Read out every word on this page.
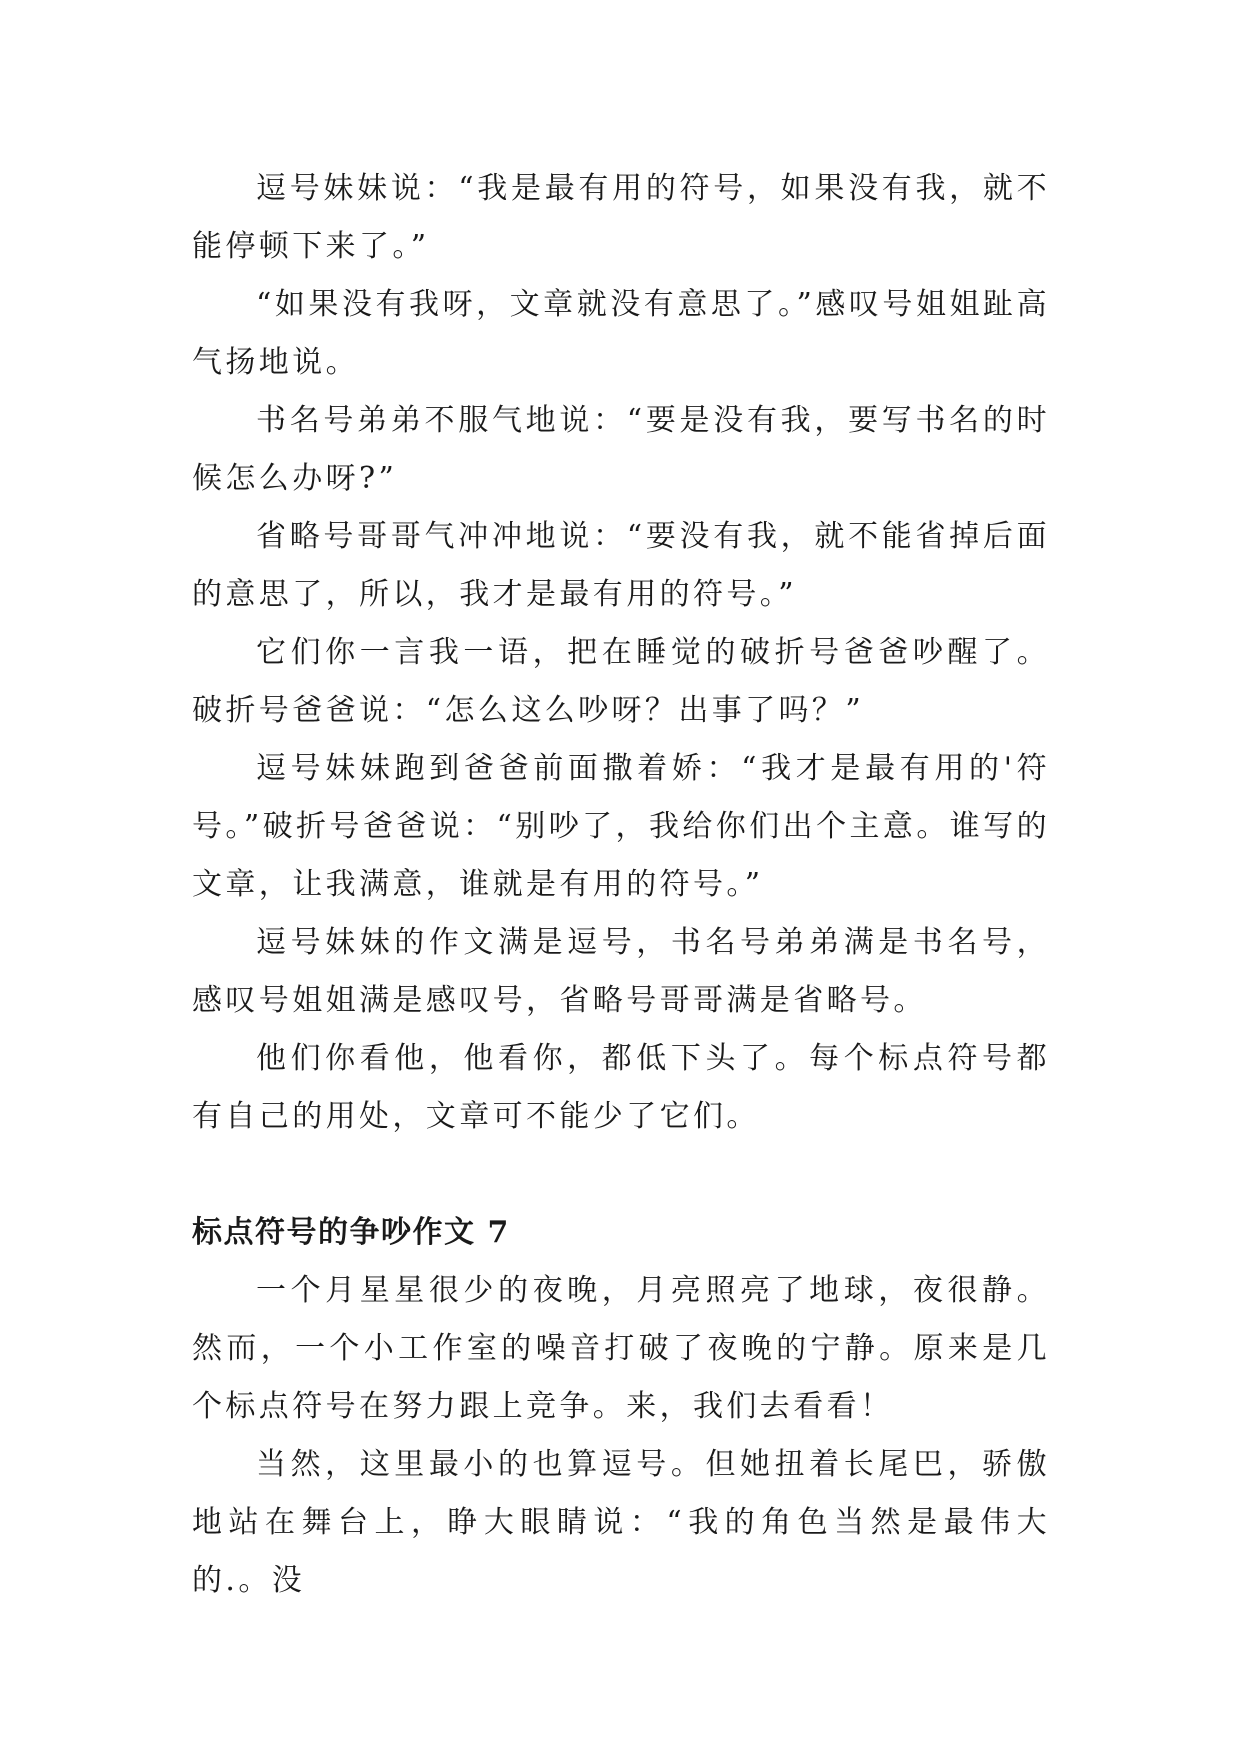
逗号妹妹说：“我是最有用的符号，如果没有我，就不能停顿下来了。”

“如果没有我呀，文章就没有意思了。”感叹号姐姐趾高气扬地说。

书名号弟弟不服气地说：“要是没有我，要写书名的时候怎么办呀?”

省略号哥哥气冲冲地说：“要没有我，就不能省掉后面的意思了，所以，我才是最有用的符号。”

它们你一言我一语，把在睡觉的破折号爸爸吵醒了。破折号爸爸说：“怎么这么吵呀？出事了吗？”

逗号妹妹跑到爸爸前面撒着娇：“我才是最有用的'符号。”破折号爸爸说：“别吵了，我给你们出个主意。谁写的文章，让我满意，谁就是有用的符号。”

逗号妹妹的作文满是逗号，书名号弟弟满是书名号，感叹号姐姐满是感叹号，省略号哥哥满是省略号。

他们你看他，他看你，都低下头了。每个标点符号都有自己的用处，文章可不能少了它们。

标点符号的争吵作文 7

一个月星星很少的夜晚，月亮照亮了地球，夜很静。然而，一个小工作室的噪音打破了夜晚的宁静。原来是几个标点符号在努力跟上竞争。来，我们去看看！

当然，这里最小的也算逗号。但她扭着长尾巴，骄傲地站在舞台上，睁大眼睛说：“我的角色当然是最伟大的.。没
